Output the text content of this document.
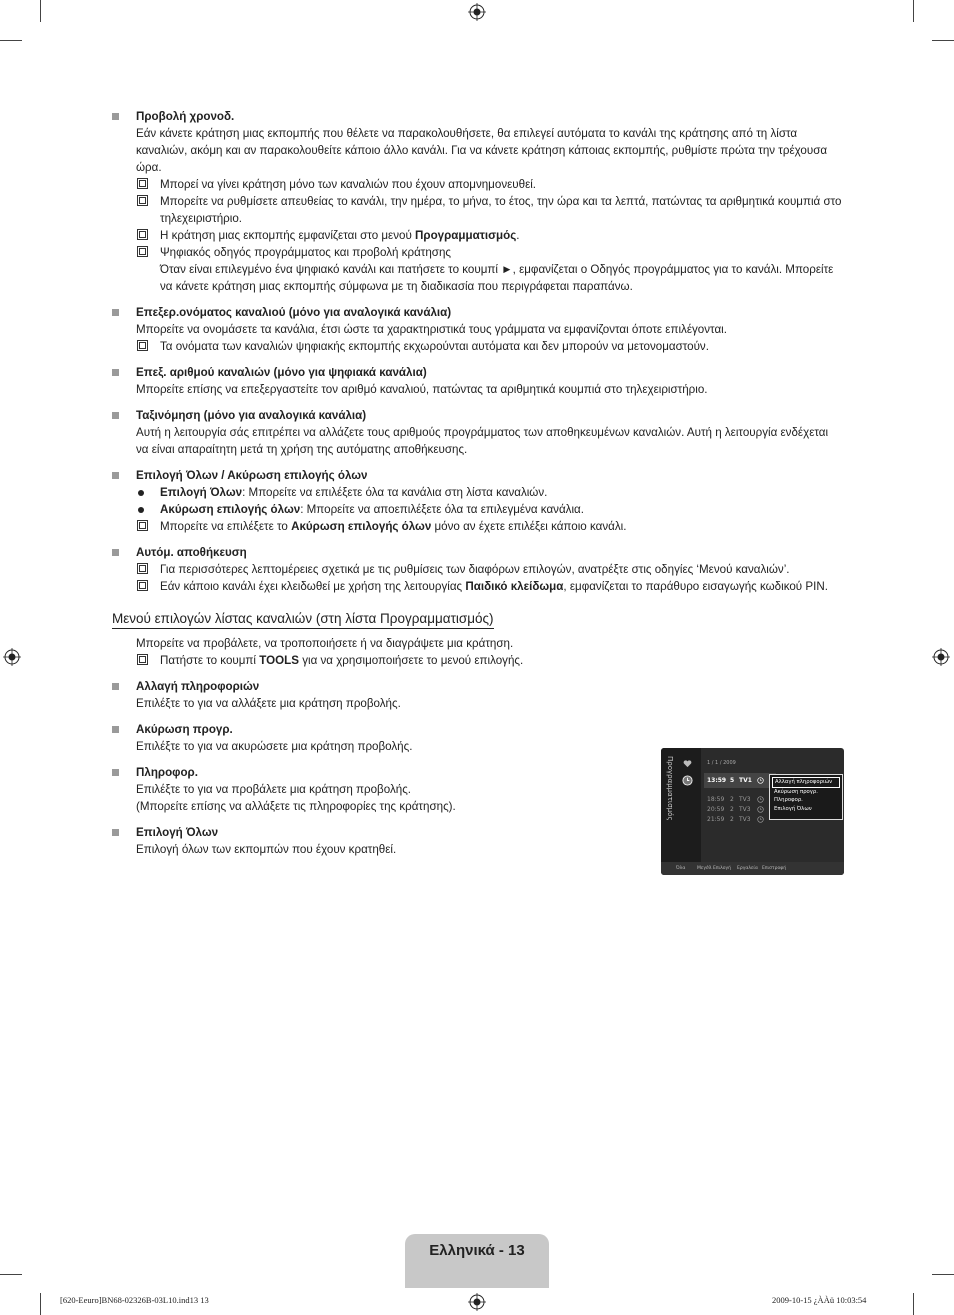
Προβολή χρονοδ.
Εάν κάνετε κράτηση μιας εκπομπής που θέλετε να παρακολουθήσετε, θα επιλεγεί αυτόματα το κανάλι της κράτησης από τη λίστα καναλιών, ακόμη και αν παρακολουθείτε κάποιο άλλο κανάλι. Για να κάνετε κράτηση κάποιας εκπομπής, ρυθμίστε πρώτα την τρέχουσα ώρα.
Μπορεί να γίνει κράτηση μόνο των καναλιών που έχουν απομνημονευθεί.
Μπορείτε να ρυθμίσετε απευθείας το κανάλι, την ημέρα, το μήνα, το έτος, την ώρα και τα λεπτά, πατώντας τα αριθμητικά κουμπιά στο τηλεχειριστήριο.
Η κράτηση μιας εκπομπής εμφανίζεται στο μενού Προγραμματισμός.
Ψηφιακός οδηγός προγράμματος και προβολή κράτησης
Όταν είναι επιλεγμένο ένα ψηφιακό κανάλι και πατήσετε το κουμπί ►, εμφανίζεται ο Οδηγός προγράμματος για το κανάλι. Μπορείτε να κάνετε κράτηση μιας εκπομπής σύμφωνα με τη διαδικασία που περιγράφεται παραπάνω.
Επεξερ.ονόματος καναλιού (μόνο για αναλογικά κανάλια)
Μπορείτε να ονομάσετε τα κανάλια, έτσι ώστε τα χαρακτηριστικά τους γράμματα να εμφανίζονται όποτε επιλέγονται.
Τα ονόματα των καναλιών ψηφιακής εκπομπής εκχωρούνται αυτόματα και δεν μπορούν να μετονομαστούν.
Επεξ. αριθμού καναλιών (μόνο για ψηφιακά κανάλια)
Μπορείτε επίσης να επεξεργαστείτε τον αριθμό καναλιού, πατώντας τα αριθμητικά κουμπιά στο τηλεχειριστήριο.
Ταξινόμηση (μόνο για αναλογικά κανάλια)
Αυτή η λειτουργία σάς επιτρέπει να αλλάζετε τους αριθμούς προγράμματος των αποθηκευμένων καναλιών. Αυτή η λειτουργία ενδέχεται να είναι απαραίτητη μετά τη χρήση της αυτόματης αποθήκευσης.
Επιλογή Όλων / Ακύρωση επιλογής όλων
Επιλογή Όλων: Μπορείτε να επιλέξετε όλα τα κανάλια στη λίστα καναλιών.
Ακύρωση επιλογής όλων: Μπορείτε να αποεπιλέξετε όλα τα επιλεγμένα κανάλια.
Μπορείτε να επιλέξετε το Ακύρωση επιλογής όλων μόνο αν έχετε επιλέξει κάποιο κανάλι.
Αυτόμ. αποθήκευση
Για περισσότερες λεπτομέρειες σχετικά με τις ρυθμίσεις των διαφόρων επιλογών, ανατρέξτε στις οδηγίες ‘Μενού καναλιών’.
Εάν κάποιο κανάλι έχει κλειδωθεί με χρήση της λειτουργίας Παιδικό κλείδωμα, εμφανίζεται το παράθυρο εισαγωγής κωδικού PIN.
Μενού επιλογών λίστας καναλιών (στη λίστα Προγραμματισμός)
Μπορείτε να προβάλετε, να τροποποιήσετε ή να διαγράψετε μια κράτηση.
Πατήστε το κουμπί TOOLS για να χρησιμοποιήσετε το μενού επιλογής.
Αλλαγή πληροφοριών
Επιλέξτε το για να αλλάξετε μια κράτηση προβολής.
Ακύρωση προγρ.
Επιλέξτε το για να ακυρώσετε μια κράτηση προβολής.
Πληροφορ.
Επιλέξτε το για να προβάλετε μια κράτηση προβολής.
(Μπορείτε επίσης να αλλάξετε τις πληροφορίες της κράτησης).
Επιλογή Όλων
Επιλογή όλων των εκπομπών που έχουν κρατηθεί.
Προγραμματισμός	1 / 1 / 2009
13:59 5 TV1
18:59 2 TV3
20:59 2 TV3
21:59 2 TV3
Αλλαγή πληροφοριών
Ακύρωση προγρ.
Πληροφορ.
Επιλογή Όλων
Όλα	Μεγέθ. Επιλογή Εργαλεία Επιστροφή
Ελληνικά - 13
[620-Eeuro]BN68-02326B-03L10.ind13 13	2009-10-15 ¿ÀÀü 10:03:54
